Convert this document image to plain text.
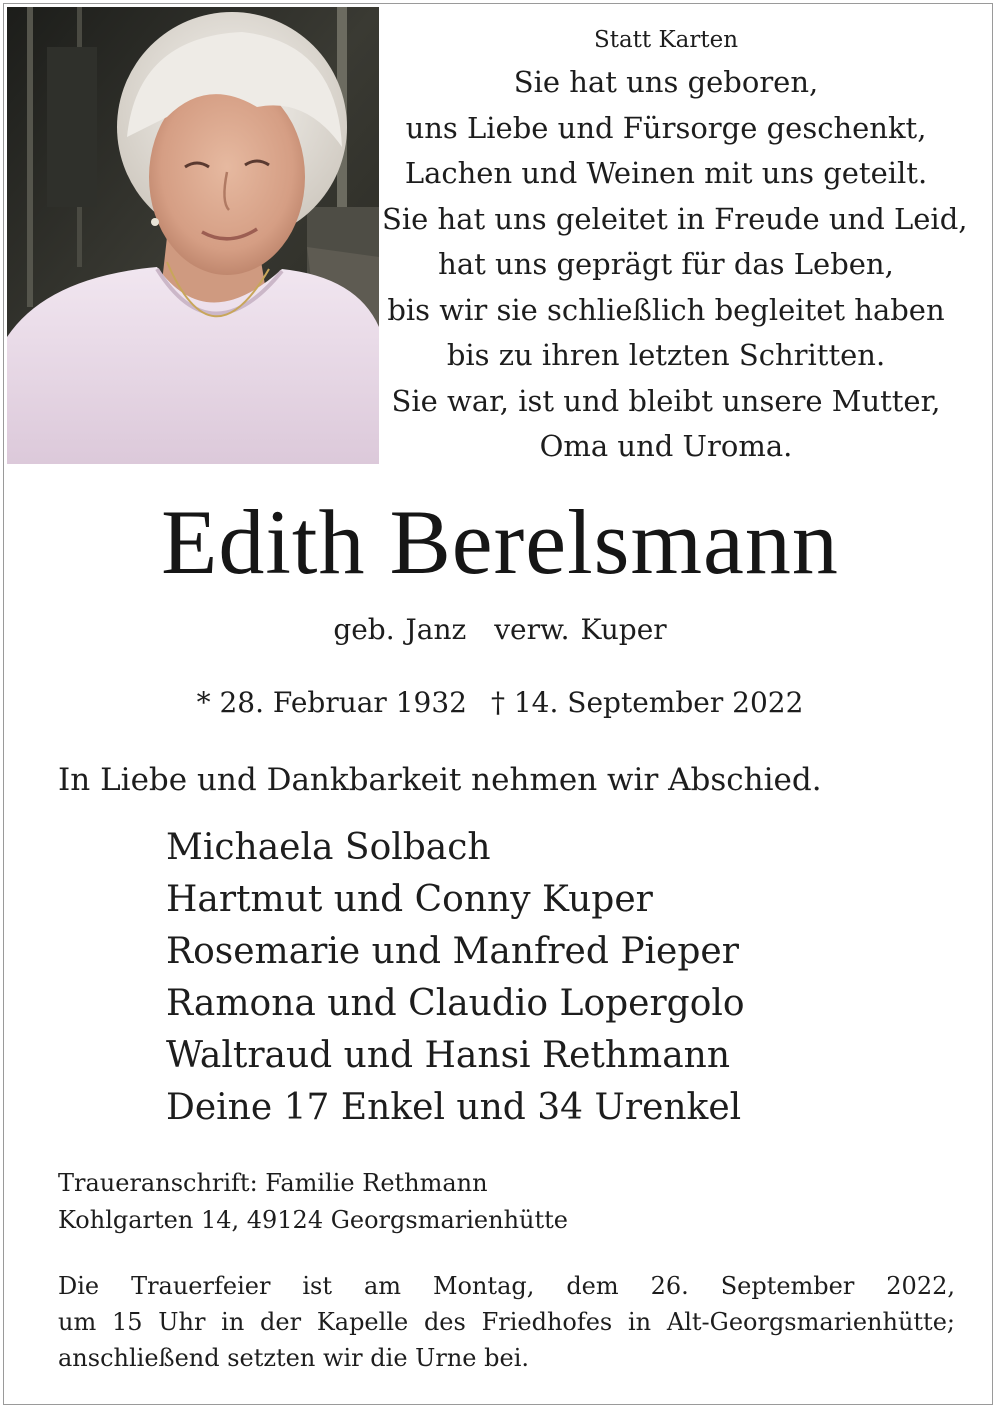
Statt Karten
Sie hat uns geboren,
uns Liebe und Fürsorge geschenkt,
Lachen und Weinen mit uns geteilt.
Sie hat uns geleitet in Freude und Leid,
hat uns geprägt für das Leben,
bis wir sie schließlich begleitet haben
bis zu ihren letzten Schritten.
Sie war, ist und bleibt unsere Mutter,
Oma und Uroma.
Edith Berelsmann
geb. Janz verw. Kuper
* 28. Februar 1932 † 14. September 2022
In Liebe und Dankbarkeit nehmen wir Abschied.
Michaela Solbach
Hartmut und Conny Kuper
Rosemarie und Manfred Pieper
Ramona und Claudio Lopergolo
Waltraud und Hansi Rethmann
Deine 17 Enkel und 34 Urenkel
Traueranschrift: Familie Rethmann
Kohlgarten 14, 49124 Georgsmarienhütte
Die Trauerfeier ist am Montag, dem 26. September 2022,
um 15 Uhr in der Kapelle des Friedhofes in Alt-Georgsmarienhütte;
anschließend setzten wir die Urne bei.
